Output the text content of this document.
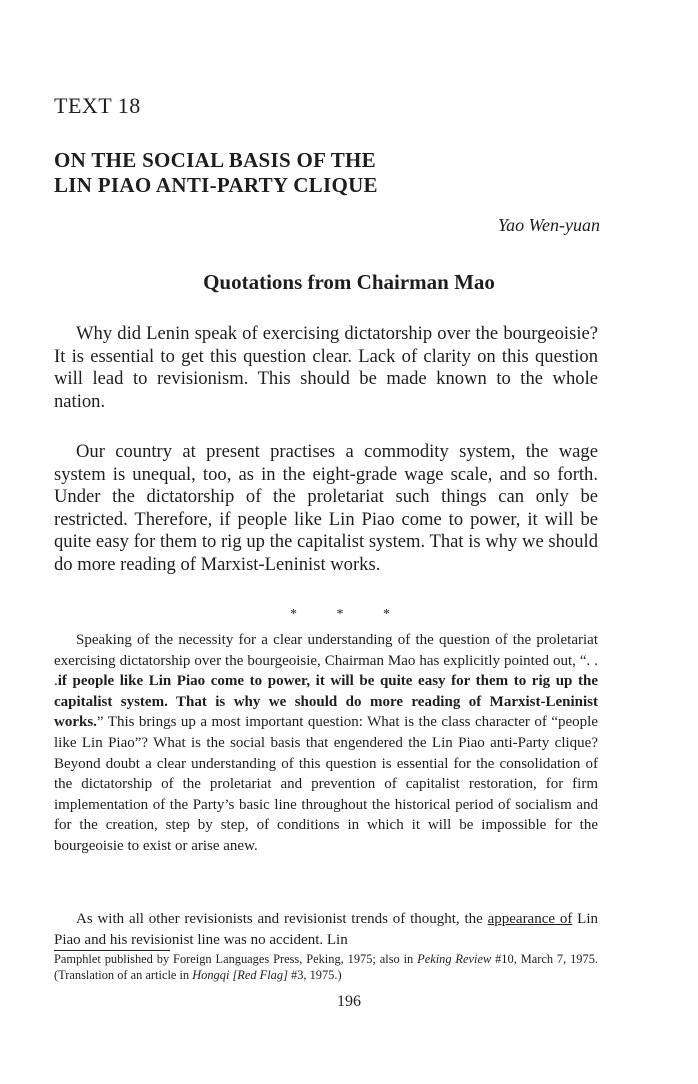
TEXT 18
ON THE SOCIAL BASIS OF THE
LIN PIAO ANTI-PARTY CLIQUE
Yao Wen-yuan
Quotations from Chairman Mao

Why did Lenin speak of exercising dictatorship over the bourgeoisie? It is essential to get this question clear. Lack of clarity on this question will lead to revisionism. This should be made known to the whole nation.

Our country at present practises a commodity system, the wage system is unequal, too, as in the eight-grade wage scale, and so forth. Under the dictatorship of the proletariat such things can only be restricted. Therefore, if people like Lin Piao come to power, it will be quite easy for them to rig up the capitalist system. That is why we should do more reading of Marxist-Leninist works.

* * *

Speaking of the necessity for a clear understanding of the question of the proletariat exercising dictatorship over the bourgeoisie, Chairman Mao has explicitly pointed out, “. . .if people like Lin Piao come to power, it will be quite easy for them to rig up the capitalist system. That is why we should do more reading of Marxist-Leninist works.” This brings up a most important question: What is the class character of “people like Lin Piao”? What is the social basis that engendered the Lin Piao anti-Party clique? Beyond doubt a clear understanding of this question is essential for the consolidation of the dictatorship of the proletariat and prevention of capitalist restoration, for firm implementation of the Party’s basic line throughout the historical period of socialism and for the creation, step by step, of conditions in which it will be impossible for the bourgeoisie to exist or arise anew.

As with all other revisionists and revisionist trends of thought, the appearance of Lin Piao and his revisionist line was no accident. Lin

Pamphlet published by Foreign Languages Press, Peking, 1975; also in Peking Review #10, March 7, 1975. (Translation of an article in Hongqi [Red Flag] #3, 1975.)

196
